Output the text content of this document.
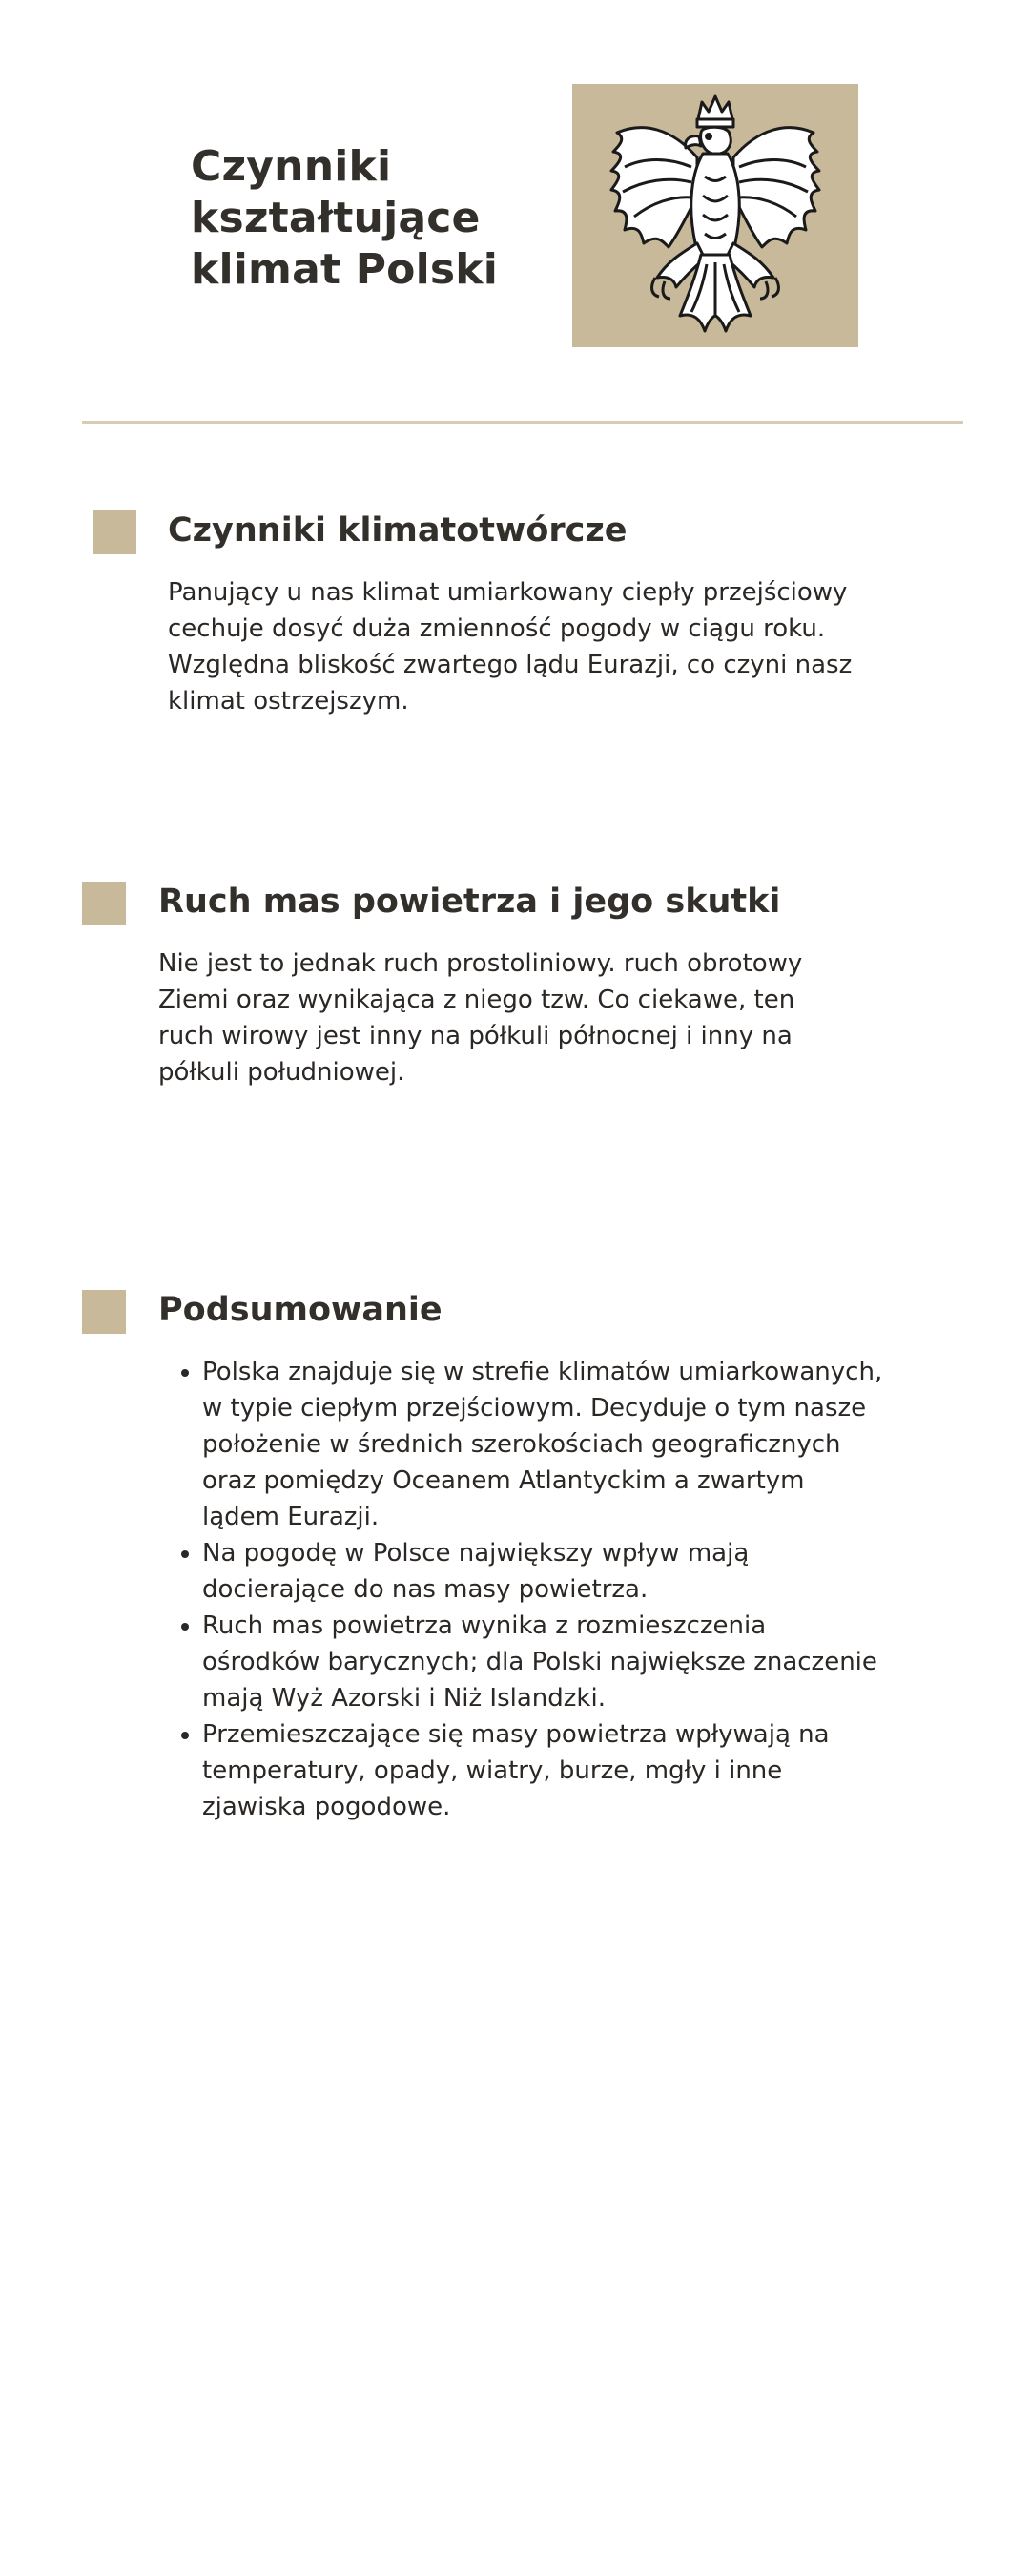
Czynniki kształtujące klimat Polski
Czynniki klimatotwórcze

Panujący u nas klimat umiarkowany ciepły przejściowy cechuje dosyć duża zmienność pogody w ciągu roku. Względna bliskość zwartego lądu Eurazji, co czyni nasz klimat ostrzejszym.

Ruch mas powietrza i jego skutki

Nie jest to jednak ruch prostoliniowy. ruch obrotowy Ziemi oraz wynikająca z niego tzw. Co ciekawe, ten ruch wirowy jest inny na półkuli północnej i inny na półkuli południowej.

Podsumowanie
• Polska znajduje się w strefie klimatów umiarkowanych, w typie ciepłym przejściowym. Decyduje o tym nasze położenie w średnich szerokościach geograficznych oraz pomiędzy Oceanem Atlantyckim a zwartym lądem Eurazji.
• Na pogodę w Polsce największy wpływ mają docierające do nas masy powietrza.
• Ruch mas powietrza wynika z rozmieszczenia ośrodków barycznych; dla Polski największe znaczenie mają Wyż Azorski i Niż Islandzki.
• Przemieszczające się masy powietrza wpływają na temperatury, opady, wiatry, burze, mgły i inne zjawiska pogodowe.
